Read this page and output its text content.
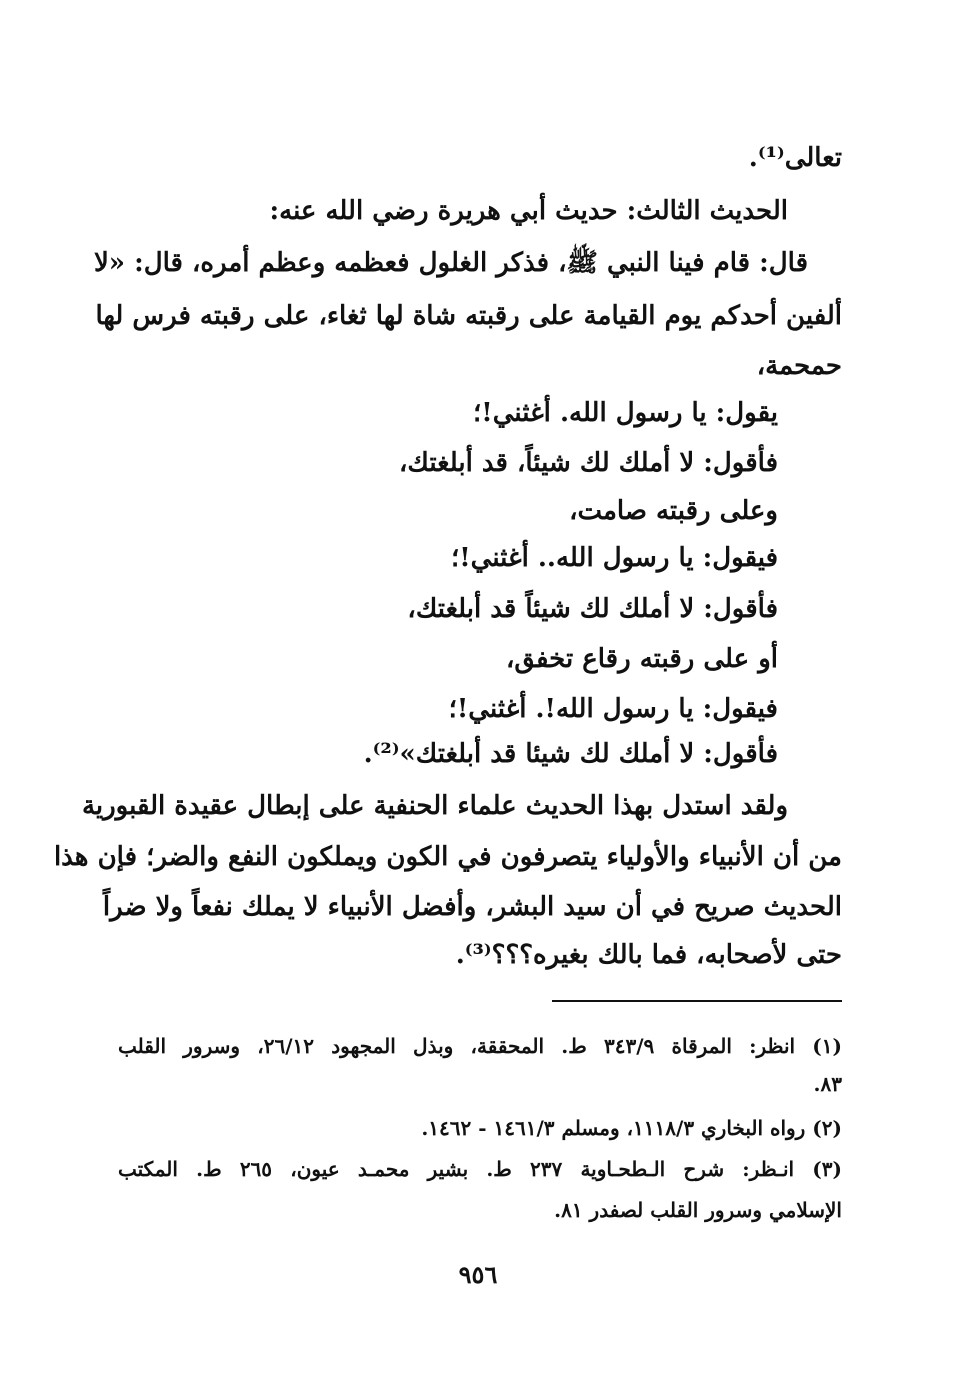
تعالى⁽¹⁾.
الحديث الثالث: حديث أبي هريرة رضي الله عنه:
قال: قام فينا النبي ﷺ، فذكر الغلول فعظمه وعظم أمره، قال: «لا
ألفين أحدكم يوم القيامة على رقبته شاة لها ثغاء، على رقبته فرس لها
حمحمة،
يقول: يا رسول الله. أغثني!؛
فأقول: لا أملك لك شيئاً، قد أبلغتك،
وعلى رقبته صامت،
فيقول: يا رسول الله.. أغثني!؛
فأقول: لا أملك لك شيئاً قد أبلغتك،
أو على رقبته رقاع تخفق،
فيقول: يا رسول الله!. أغثني!؛
فأقول: لا أملك لك شيئا قد أبلغتك»⁽²⁾.
ولقد استدل بهذا الحديث علماء الحنفية على إبطال عقيدة القبورية
من أن الأنبياء والأولياء يتصرفون في الكون ويملكون النفع والضر؛ فإن هذا
الحديث صريح في أن سيد البشر، وأفضل الأنبياء لا يملك نفعاً ولا ضراً
حتى لأصحابه، فما بالك بغيره؟؟؟⁽³⁾.
(١) انظر: المرقاة ٣٤٣/٩ ط. المحققة، وبذل المجهود ٢٦/١٢، وسرور القلب
٨٣.
(٢) رواه البخاري ١١١٨/٣، ومسلم ١٤٦١/٣ - ١٤٦٢.
(٣) انـظر: شرح الـطحـاوية ٢٣٧ ط. بشير محمـد عيون، ٢٦٥ ط. المكتب
الإسلامي وسرور القلب لصفدر ٨١.
٩٥٦
